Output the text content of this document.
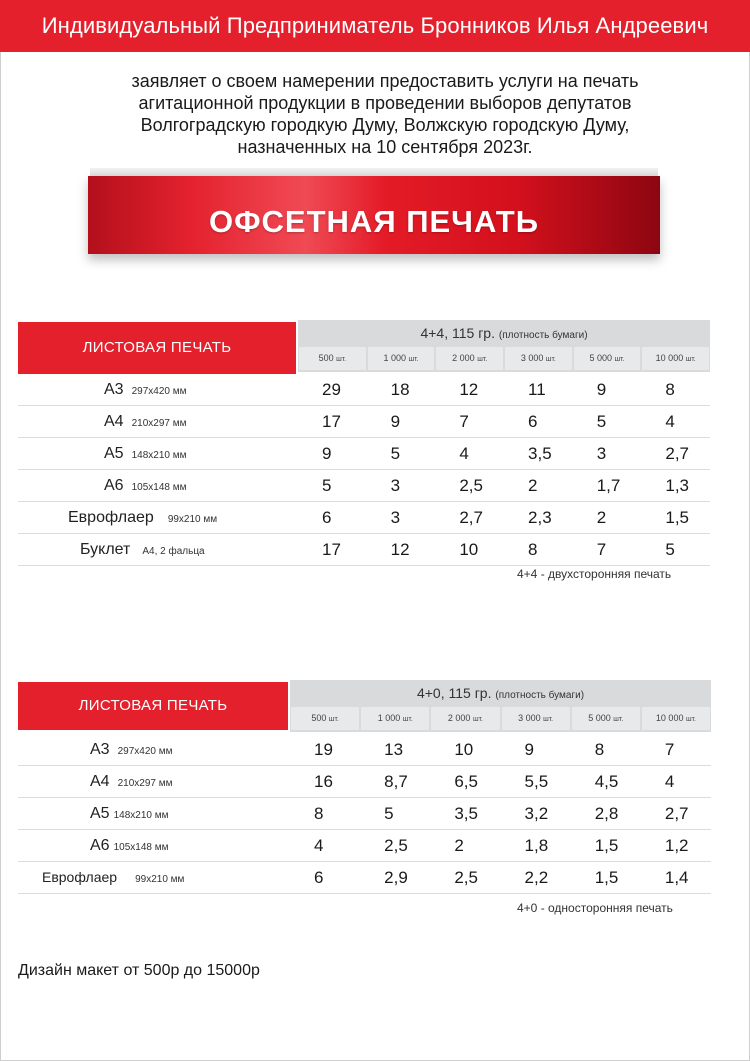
Индивидуальный Предприниматель Бронников Илья Андреевич
заявляет о своем намерении предоставить услуги на печать
агитационной продукции в проведении выборов депутатов
Волгоградскую городкую Думу, Волжскую городскую Думу,
назначенных на 10 сентября 2023г.
ОФСЕТНАЯ ПЕЧАТЬ
ЛИСТОВАЯ ПЕЧАТЬ
4+4, 115 гр. (плотность бумаги)
500 шт.	1 000 шт.	2 000 шт.	3 000 шт.	5 000 шт.	10 000 шт.
А3 297х420 мм	29	18	12	11	9	8
А4 210х297 мм	17	9	7	6	5	4
А5 148х210 мм	9	5	4	3,5	3	2,7
А6 105х148 мм	5	3	2,5	2	1,7	1,3
Еврофлаер 99х210 мм	6	3	2,7	2,3	2	1,5
Буклет А4, 2 фальца	17	12	10	8	7	5
4+4 - двухсторонняя печать
ЛИСТОВАЯ ПЕЧАТЬ
4+0, 115 гр. (плотность бумаги)
500 шт.	1 000 шт.	2 000 шт.	3 000 шт.	5 000 шт.	10 000 шт.
А3 297х420 мм	19	13	10	9	8	7
А4 210х297 мм	16	8,7	6,5	5,5	4,5	4
А5 148х210 мм	8	5	3,5	3,2	2,8	2,7
А6 105х148 мм	4	2,5	2	1,8	1,5	1,2
Еврофлаер 99х210 мм	6	2,9	2,5	2,2	1,5	1,4
4+0 - односторонняя печать
Дизайн макет от 500р до 15000р
